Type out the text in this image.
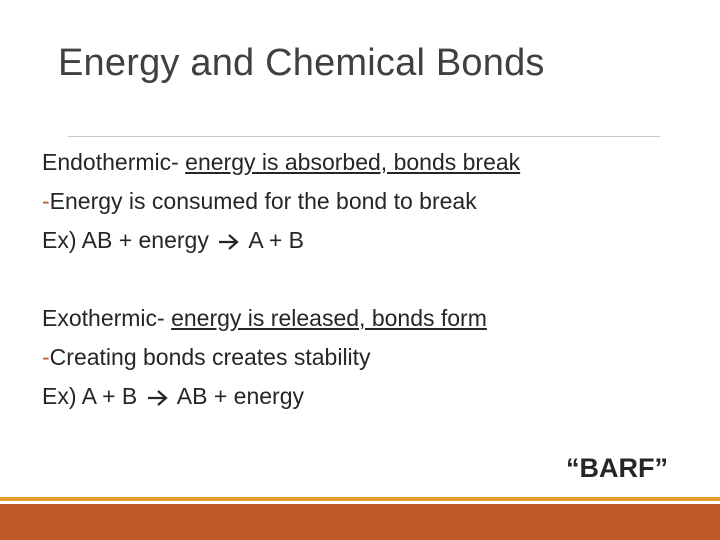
Energy and Chemical Bonds
Endothermic- energy is absorbed, bonds break
-Energy is consumed for the bond to break
Ex) AB + energy  A + B
Exothermic- energy is released, bonds form
-Creating bonds creates stability
Ex) A + B  AB + energy
“BARF”
